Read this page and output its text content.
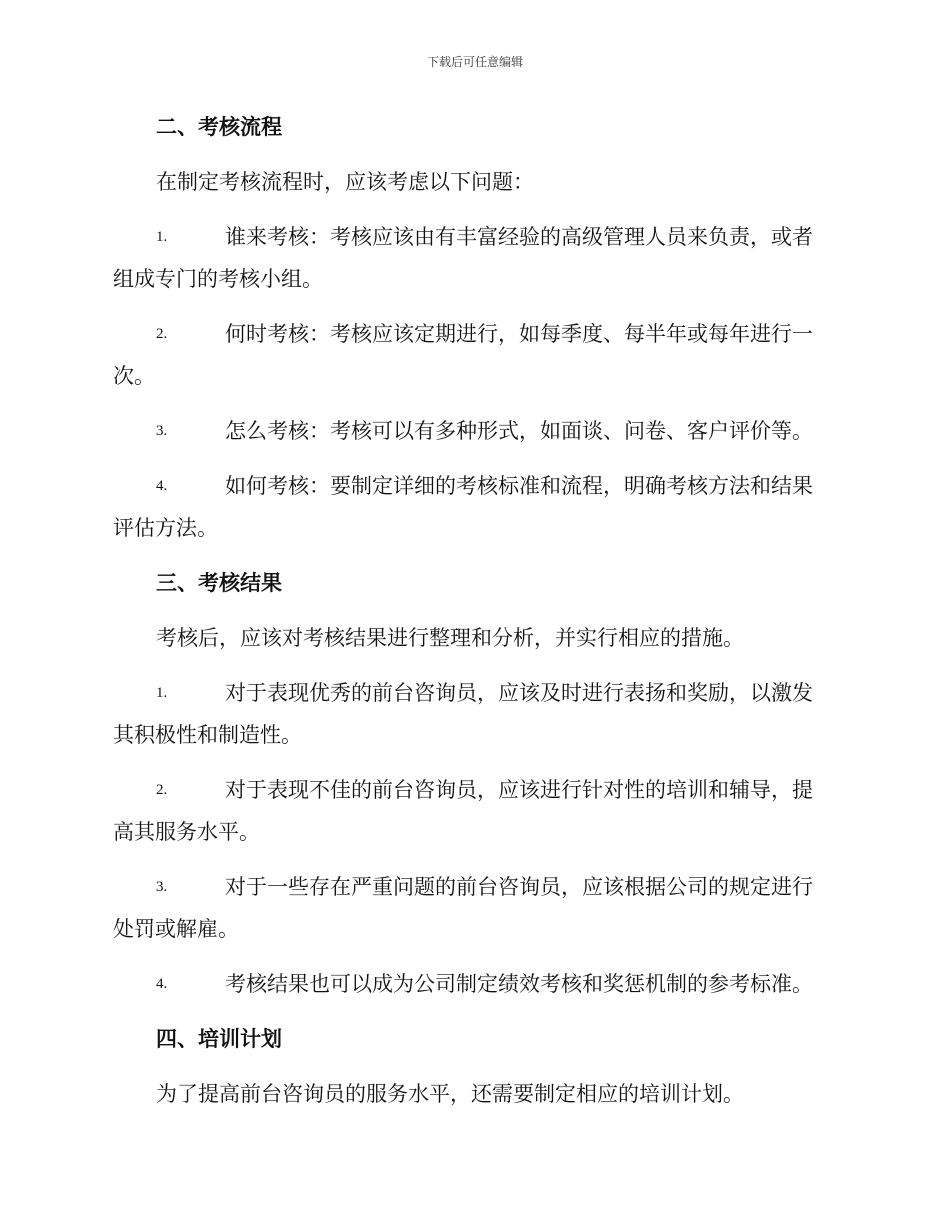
下载后可任意编辑
二、考核流程
在制定考核流程时，应该考虑以下问题：
1.	谁来考核：考核应该由有丰富经验的高级管理人员来负责，或者
组成专门的考核小组。
2.	何时考核：考核应该定期进行，如每季度、每半年或每年进行一
次。
3.	怎么考核：考核可以有多种形式，如面谈、问卷、客户评价等。
4.	如何考核：要制定详细的考核标准和流程，明确考核方法和结果
评估方法。
三、考核结果
考核后，应该对考核结果进行整理和分析，并实行相应的措施。
1.	对于表现优秀的前台咨询员，应该及时进行表扬和奖励，以激发
其积极性和制造性。
2.	对于表现不佳的前台咨询员，应该进行针对性的培训和辅导，提
高其服务水平。
3.	对于一些存在严重问题的前台咨询员，应该根据公司的规定进行
处罚或解雇。
4.	考核结果也可以成为公司制定绩效考核和奖惩机制的参考标准。
四、培训计划
为了提高前台咨询员的服务水平，还需要制定相应的培训计划。
